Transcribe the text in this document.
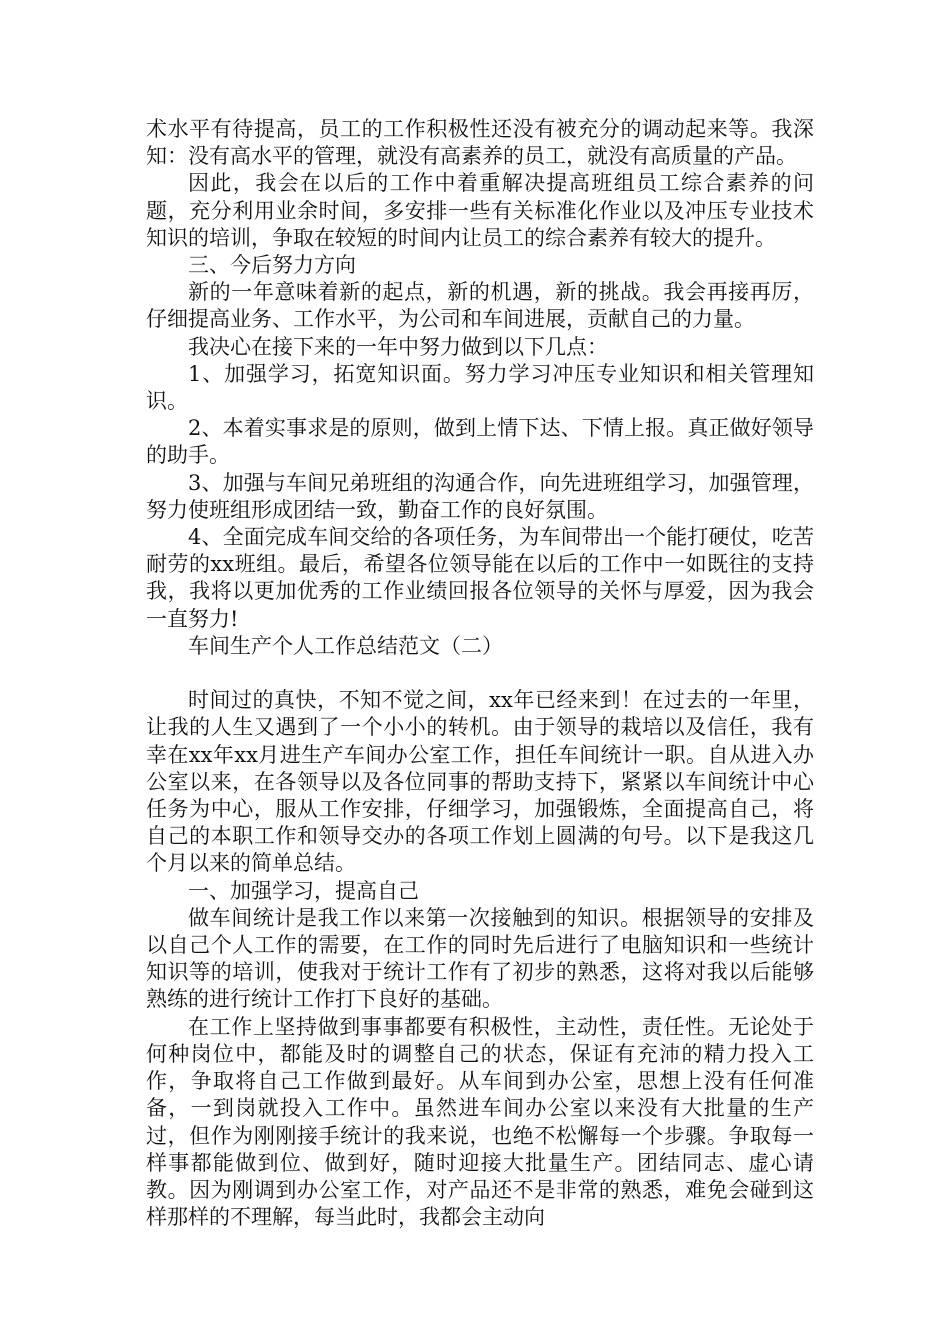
术水平有待提高，员工的工作积极性还没有被充分的调动起来等。我深知：没有高水平的管理，就没有高素养的员工，就没有高质量的产品。

因此，我会在以后的工作中着重解决提高班组员工综合素养的问题，充分利用业余时间，多安排一些有关标准化作业以及冲压专业技术知识的培训，争取在较短的时间内让员工的综合素养有较大的提升。

三、今后努力方向

新的一年意味着新的起点，新的机遇，新的挑战。我会再接再厉，仔细提高业务、工作水平，为公司和车间进展，贡献自己的力量。

我决心在接下来的一年中努力做到以下几点：

1、加强学习，拓宽知识面。努力学习冲压专业知识和相关管理知识。

2、本着实事求是的原则，做到上情下达、下情上报。真正做好领导的助手。

3、加强与车间兄弟班组的沟通合作，向先进班组学习，加强管理，努力使班组形成团结一致，勤奋工作的良好氛围。

4、全面完成车间交给的各项任务，为车间带出一个能打硬仗，吃苦耐劳的xx班组。最后，希望各位领导能在以后的工作中一如既往的支持我，我将以更加优秀的工作业绩回报各位领导的关怀与厚爱，因为我会一直努力!

车间生产个人工作总结范文（二）

时间过的真快，不知不觉之间，xx年已经来到！在过去的一年里，让我的人生又遇到了一个小小的转机。由于领导的栽培以及信任，我有幸在xx年xx月进生产车间办公室工作，担任车间统计一职。自从进入办公室以来，在各领导以及各位同事的帮助支持下，紧紧以车间统计中心任务为中心，服从工作安排，仔细学习，加强锻炼，全面提高自己，将自己的本职工作和领导交办的各项工作划上圆满的句号。以下是我这几个月以来的简单总结。

一、加强学习，提高自己

做车间统计是我工作以来第一次接触到的知识。根据领导的安排及以自己个人工作的需要，在工作的同时先后进行了电脑知识和一些统计知识等的培训，使我对于统计工作有了初步的熟悉，这将对我以后能够熟练的进行统计工作打下良好的基础。

在工作上坚持做到事事都要有积极性，主动性，责任性。无论处于何种岗位中，都能及时的调整自己的状态，保证有充沛的精力投入工作，争取将自己工作做到最好。从车间到办公室，思想上没有任何准备，一到岗就投入工作中。虽然进车间办公室以来没有大批量的生产过，但作为刚刚接手统计的我来说，也绝不松懈每一个步骤。争取每一样事都能做到位、做到好，随时迎接大批量生产。团结同志、虚心请教。因为刚调到办公室工作，对产品还不是非常的熟悉，难免会碰到这样那样的不理解，每当此时，我都会主动向
